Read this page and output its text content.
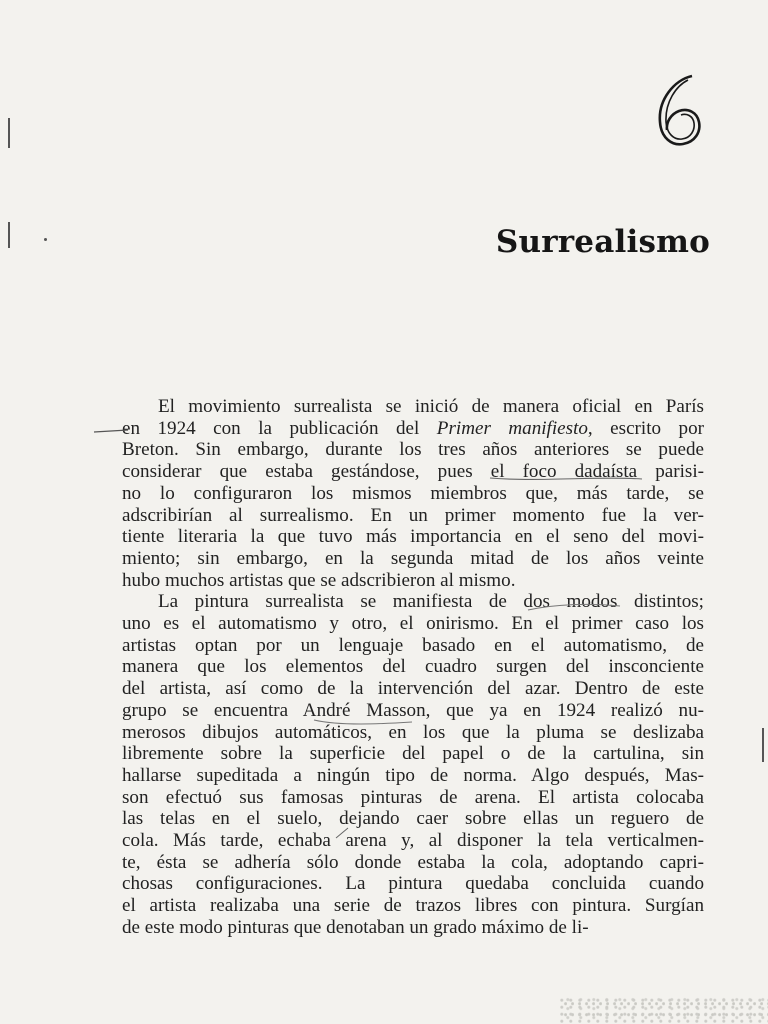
Surrealismo
El movimiento surrealista se inició de manera oficial en París
en 1924 con la publicación del Primer manifiesto, escrito por
Breton. Sin embargo, durante los tres años anteriores se puede
considerar que estaba gestándose, pues el foco dadaísta parisi-
no lo configuraron los mismos miembros que, más tarde, se
adscribirían al surrealismo. En un primer momento fue la ver-
tiente literaria la que tuvo más importancia en el seno del movi-
miento; sin embargo, en la segunda mitad de los años veinte
hubo muchos artistas que se adscribieron al mismo.
La pintura surrealista se manifiesta de dos modos distintos;
uno es el automatismo y otro, el onirismo. En el primer caso los
artistas optan por un lenguaje basado en el automatismo, de
manera que los elementos del cuadro surgen del insconciente
del artista, así como de la intervención del azar. Dentro de este
grupo se encuentra André Masson, que ya en 1924 realizó nu-
merosos dibujos automáticos, en los que la pluma se deslizaba
libremente sobre la superficie del papel o de la cartulina, sin
hallarse supeditada a ningún tipo de norma. Algo después, Mas-
son efectuó sus famosas pinturas de arena. El artista colocaba
las telas en el suelo, dejando caer sobre ellas un reguero de
cola. Más tarde, echaba arena y, al disponer la tela verticalmen-
te, ésta se adhería sólo donde estaba la cola, adoptando capri-
chosas configuraciones. La pintura quedaba concluida cuando
el artista realizaba una serie de trazos libres con pintura. Surgían
de este modo pinturas que denotaban un grado máximo de li-
